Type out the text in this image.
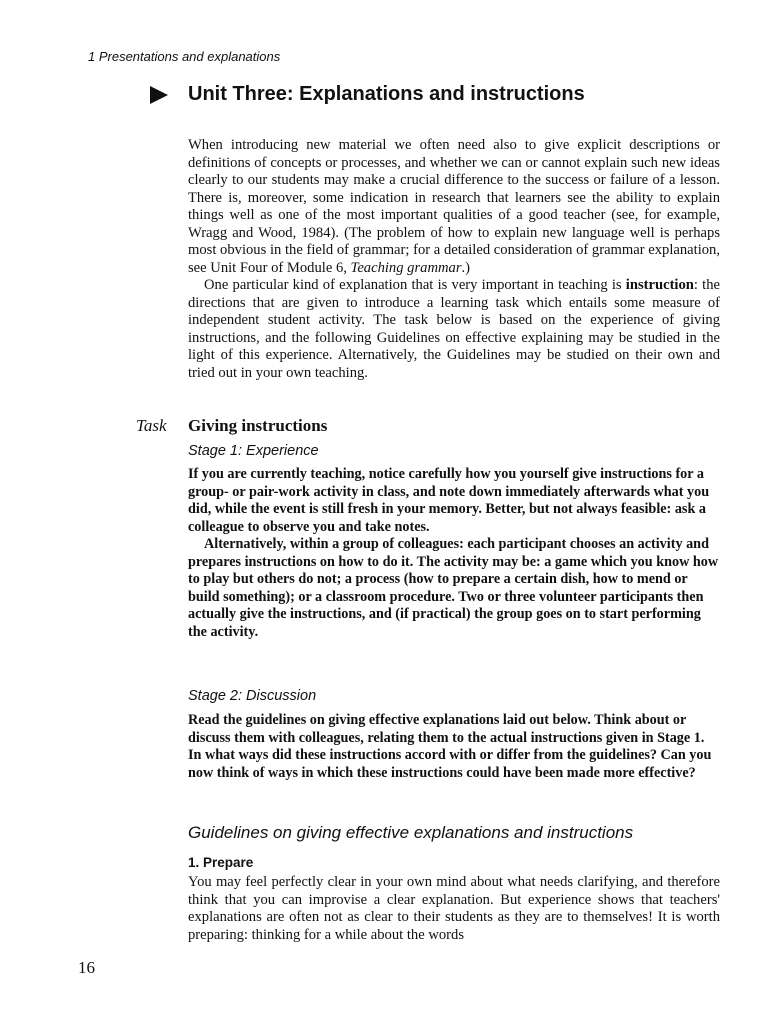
1 Presentations and explanations
Unit Three: Explanations and instructions

When introducing new material we often need also to give explicit descriptions or definitions of concepts or processes, and whether we can or cannot explain such new ideas clearly to our students may make a crucial difference to the success or failure of a lesson. There is, moreover, some indication in research that learners see the ability to explain things well as one of the most important qualities of a good teacher (see, for example, Wragg and Wood, 1984). (The problem of how to explain new language well is perhaps most obvious in the field of grammar; for a detailed consideration of grammar explanation, see Unit Four of Module 6, Teaching grammar.)

One particular kind of explanation that is very important in teaching is instruction: the directions that are given to introduce a learning task which entails some measure of independent student activity. The task below is based on the experience of giving instructions, and the following Guidelines on effective explaining may be studied in the light of this experience. Alternatively, the Guidelines may be studied on their own and tried out in your own teaching.

Task Giving instructions
Stage 1: Experience

If you are currently teaching, notice carefully how you yourself give instructions for a group- or pair-work activity in class, and note down immediately afterwards what you did, while the event is still fresh in your memory. Better, but not always feasible: ask a colleague to observe you and take notes.

Alternatively, within a group of colleagues: each participant chooses an activity and prepares instructions on how to do it. The activity may be: a game which you know how to play but others do not; a process (how to prepare a certain dish, how to mend or build something); or a classroom procedure. Two or three volunteer participants then actually give the instructions, and (if practical) the group goes on to start performing the activity.

Stage 2: Discussion

Read the guidelines on giving effective explanations laid out below. Think about or discuss them with colleagues, relating them to the actual instructions given in Stage 1. In what ways did these instructions accord with or differ from the guidelines? Can you now think of ways in which these instructions could have been made more effective?

Guidelines on giving effective explanations and instructions
1. Prepare

You may feel perfectly clear in your own mind about what needs clarifying, and therefore think that you can improvise a clear explanation. But experience shows that teachers' explanations are often not as clear to their students as they are to themselves! It is worth preparing: thinking for a while about the words

16
